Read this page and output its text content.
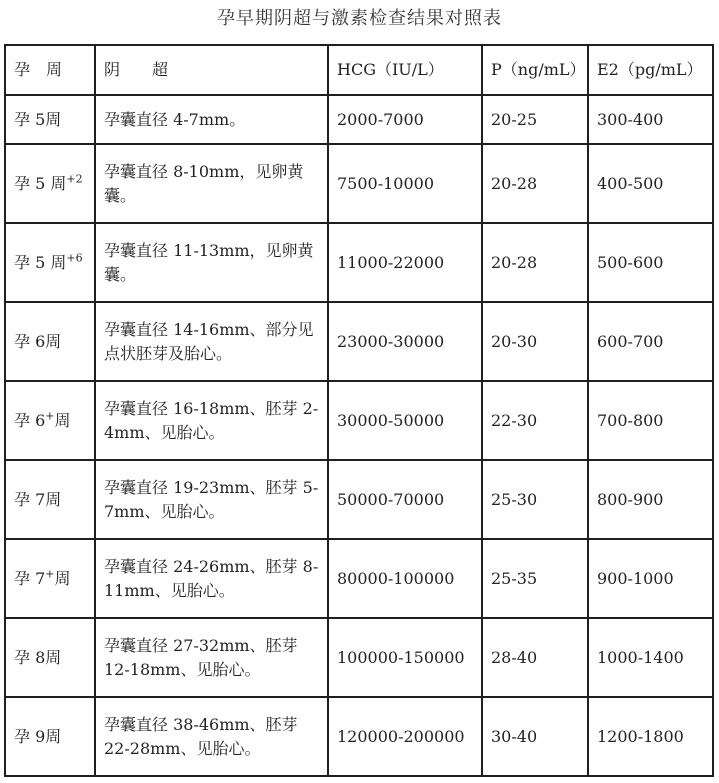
孕早期阴超与激素检查结果对照表
孕　周	阴　　超	HCG（IU/L）	P（ng/mL）	E2（pg/mL）
孕 5周	孕囊直径 4-7mm。	2000-7000	20-25	300-400
孕 5 周$^{+2}$	孕囊直径 8-10mm，见卵黄囊。	7500-10000	20-28	400-500
孕 5 周$^{+6}$	孕囊直径 11-13mm，见卵黄囊。	11000-22000	20-28	500-600
孕 6周	孕囊直径 14-16mm、部分见点状胚芽及胎心。	23000-30000	20-30	600-700
孕 6+周	孕囊直径 16-18mm、胚芽 2-4mm、见胎心。	30000-50000	22-30	700-800
孕 7周	孕囊直径 19-23mm、胚芽 5-7mm、见胎心。	50000-70000	25-30	800-900
孕 7+周	孕囊直径 24-26mm、胚芽 8-11mm、见胎心。	80000-100000	25-35	900-1000
孕 8周	孕囊直径 27-32mm、胚芽 12-18mm、见胎心。	100000-150000	28-40	1000-1400
孕 9周	孕囊直径 38-46mm、胚芽 22-28mm、见胎心。	120000-200000	30-40	1200-1800
